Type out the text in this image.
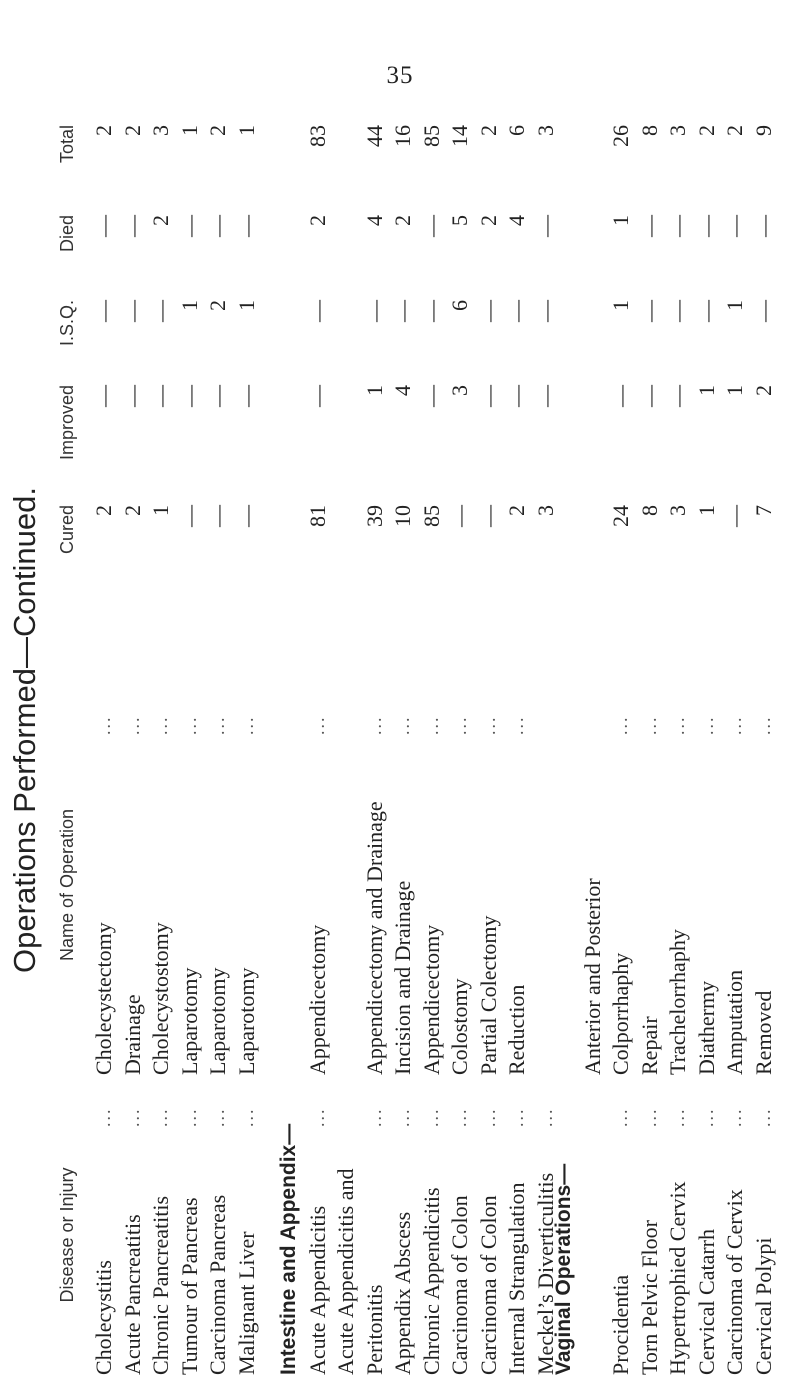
35
Operations Performed—Continued.
Disease or Injury
Name of Operation
Cured
Improved
I.S.Q.
Died
Total
Cholecystitis
...
Cholecystectomy
...
2
—
—
—
2
Acute Pancreatitis
...
Drainage
...
2
—
—
—
2
Chronic Pancreatitis
...
Cholecystostomy
...
1
—
—
2
3
Tumour of Pancreas
...
Laparotomy
...
—
—
1
—
1
Carcinoma Pancreas
...
Laparotomy
...
—
—
2
—
2
Malignant Liver
...
Laparotomy
...
—
—
1
—
1
Intestine and Appendix— Acute Appendicitis
...
Appendicectomy
...
81
—
—
2
83
Acute Appendicitis and Peritonitis
...
Appendicectomy and Drainage
...
39
1
—
4
44
Appendix Abscess
...
Incision and Drainage
...
10
4
—
2
16
Chronic Appendicitis
...
Appendicectomy
...
85
—
—
—
85
Carcinoma of Colon
...
Colostomy
...
—
3
6
5
14
Carcinoma of Colon
...
Partial Colectomy
...
—
—
—
2
2
Internal Strangulation
...
Reduction
...
2
—
—
4
6
Meckel’s Diverticulitis
...
3
—
—
—
3
Vaginal Operations—
Anterior and Posterior
Procidentia
...
Colporrhaphy
...
24
—
1
1
26
Torn Pelvic Floor
...
Repair
...
8
—
—
—
8
Hypertrophied Cervix
...
Trachelorrhaphy
...
3
—
—
—
3
Cervical Catarrh
...
Diathermy
...
1
1
—
—
2
Carcinoma of Cervix
...
Amputation
...
—
1
1
—
2
Cervical Polypi
...
Removed
...
7
2
—
—
9
